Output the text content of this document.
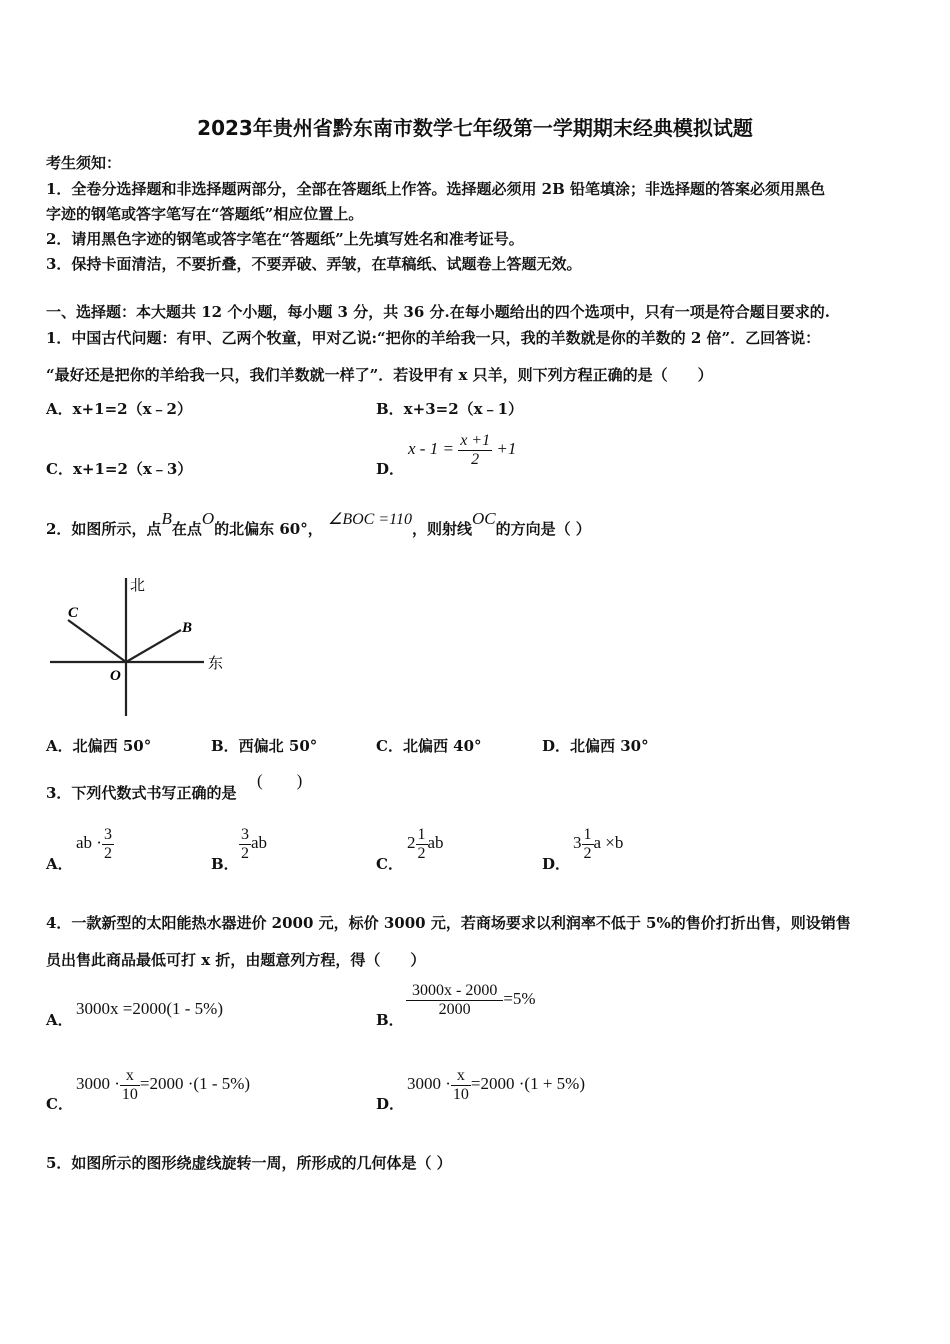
2023年贵州省黔东南市数学七年级第一学期期末经典模拟试题
考生须知：
1．全卷分选择题和非选择题两部分，全部在答题纸上作答。选择题必须用 2B 铅笔填涂；非选择题的答案必须用黑色
字迹的钢笔或答字笔写在“答题纸”相应位置上。
2．请用黑色字迹的钢笔或答字笔在“答题纸”上先填写姓名和准考证号。
3．保持卡面清洁，不要折叠，不要弄破、弄皱，在草稿纸、试题卷上答题无效。
一、选择题：本大题共 12 个小题，每小题 3 分，共 36 分.在每小题给出的四个选项中，只有一项是符合题目要求的.
1．中国古代问题：有甲、乙两个牧童，甲对乙说:“把你的羊给我一只，我的羊数就是你的羊数的 2 倍”．乙回答说：
“最好还是把你的羊给我一只，我们羊数就一样了”．若设甲有 x 只羊，则下列方程正确的是（　　）
A．x+1=2（x﹣2）	B．x+3=2（x﹣1）
C．x+1=2（x﹣3）	D．
$x - 1 = \frac{x +1}{2} +1$
2．如图所示，点B在点O的北偏东 60°， ∠BOC =110，则射线OC的方向是（ ）
北
东
C
B
O
A．北偏西 50°	B．西偏北 50°	C．北偏西 40°	D．北偏西 30°
3．下列代数式书写正确的是
(　　)
A．
ab · $\frac{3}{2}$
B．
$\frac{3}{2}$ ab
C．
$2 \frac{1}{2}$ ab
D．
$3 \frac{1}{2}$ a ×b
4．一款新型的太阳能热水器进价 2000 元，标价 3000 元，若商场要求以利润率不低于 5%的售价打折出售，则设销售
员出售此商品最低可打 x 折，由题意列方程，得（　　）
A．
3000x =2000(1 - 5%)
B．
$\frac{3000x - 2000}{2000} =5\%$
C．
$3000 \cdot \frac{x}{10} =2000 \cdot(1 - 5\%)$
D．
$3000 \cdot \frac{x}{10} =2000 \cdot(1 + 5\%)$
5．如图所示的图形绕虚线旋转一周，所形成的几何体是（ ）
